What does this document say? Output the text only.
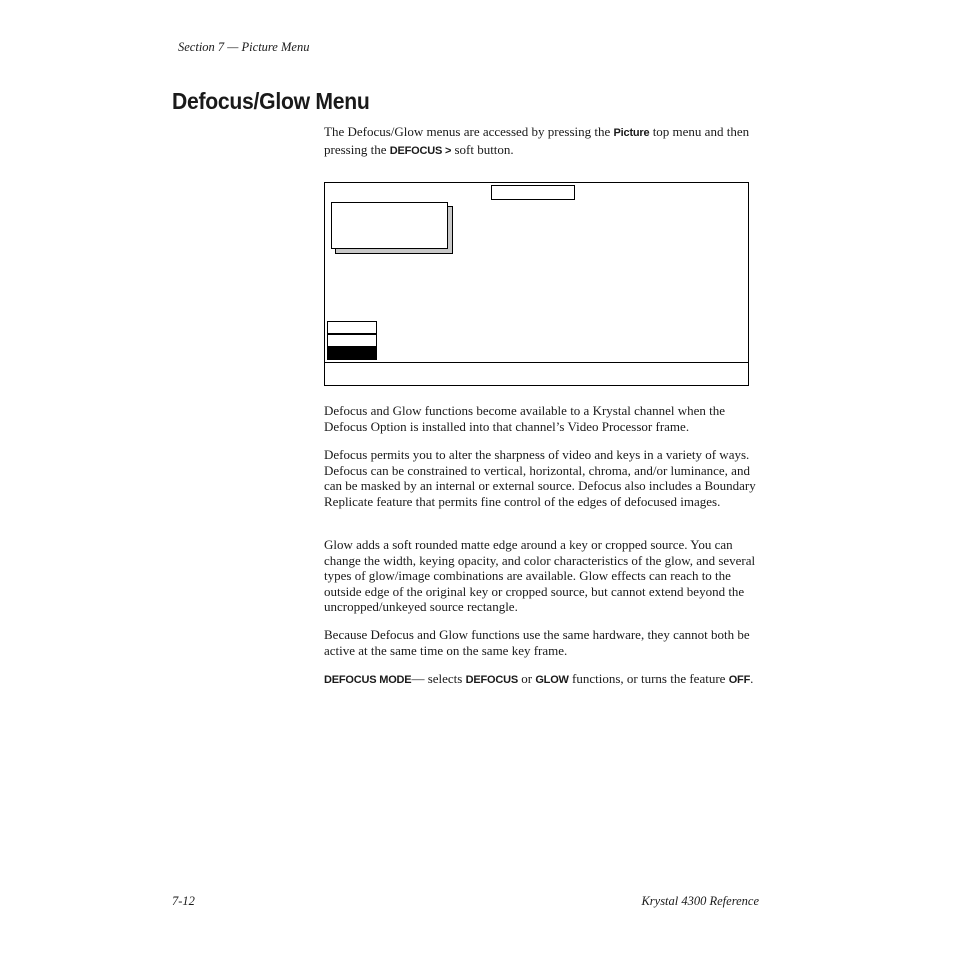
Section 7 — Picture Menu
Defocus/Glow Menu

The Defocus/Glow menus are accessed by pressing the Picture top menu and then pressing the DEFOCUS > soft button.

Defocus and Glow functions become available to a Krystal channel when the Defocus Option is installed into that channel’s Video Processor frame.

Defocus permits you to alter the sharpness of video and keys in a variety of ways. Defocus can be constrained to vertical, horizontal, chroma, and/or luminance, and can be masked by an internal or external source. Defocus also includes a Boundary Replicate feature that permits fine control of the edges of defocused images.

Glow adds a soft rounded matte edge around a key or cropped source. You can change the width, keying opacity, and color characteristics of the glow, and several types of glow/image combinations are available. Glow effects can reach to the outside edge of the original key or cropped source, but cannot extend beyond the uncropped/unkeyed source rectangle.

Because Defocus and Glow functions use the same hardware, they cannot both be active at the same time on the same key frame.

DEFOCUS MODE— selects DEFOCUS or GLOW functions, or turns the feature OFF.

7-12	Krystal 4300 Reference
